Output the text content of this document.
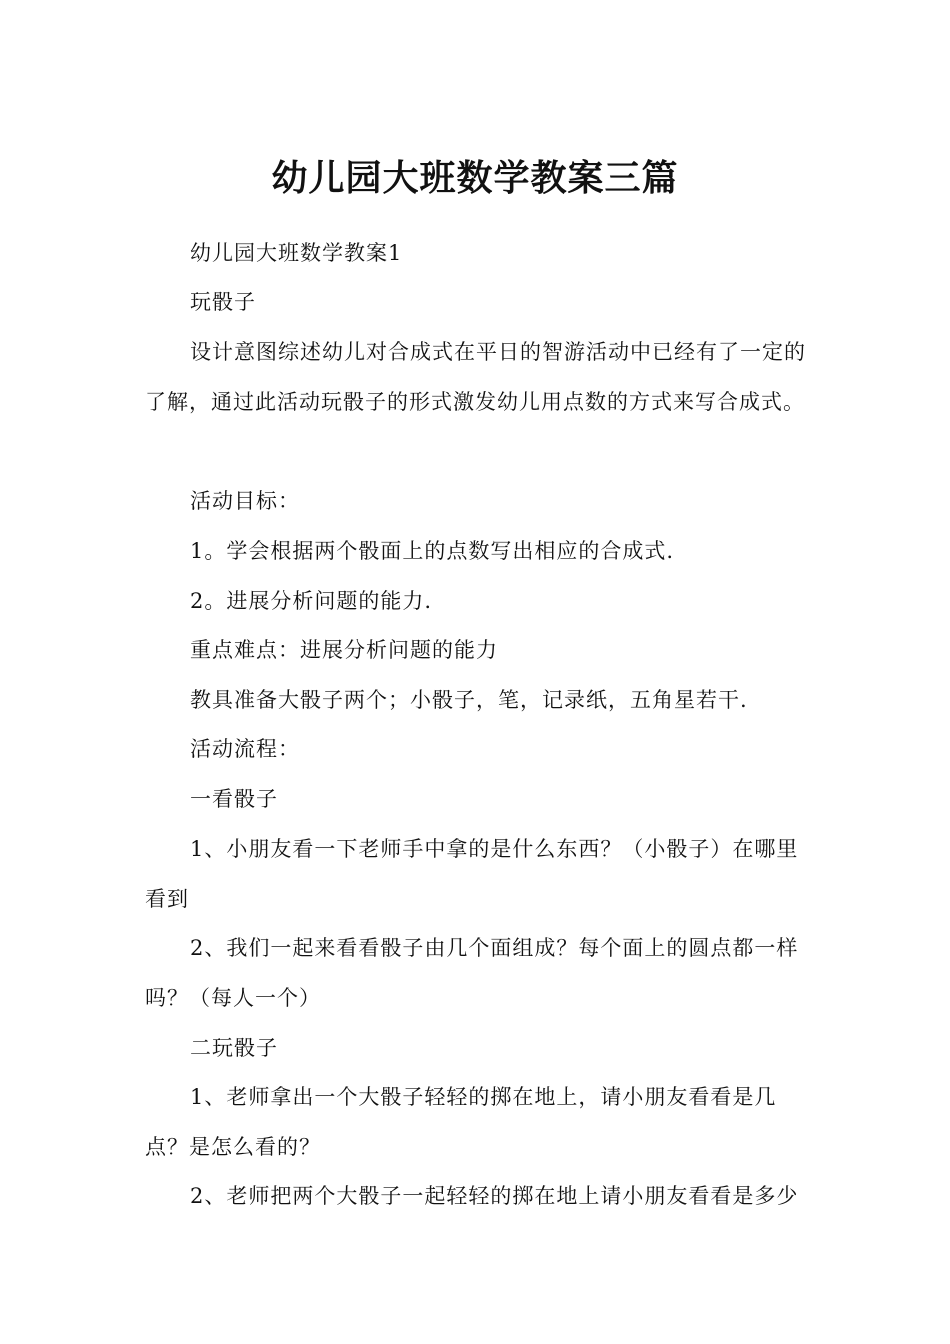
幼儿园大班数学教案三篇

幼儿园大班数学教案1

玩骰子

设计意图综述幼儿对合成式在平日的智游活动中已经有了一定的了解，通过此活动玩骰子的形式激发幼儿用点数的方式来写合成式。

活动目标：

1。学会根据两个骰面上的点数写出相应的合成式.

2。进展分析问题的能力.

重点难点：进展分析问题的能力

教具准备大骰子两个；小骰子，笔，记录纸，五角星若干.

活动流程：

一看骰子

1、小朋友看一下老师手中拿的是什么东西？（小骰子）在哪里看到

2、我们一起来看看骰子由几个面组成？每个面上的圆点都一样吗？（每人一个）

二玩骰子

1、老师拿出一个大骰子轻轻的掷在地上，请小朋友看看是几点？是怎么看的？

2、老师把两个大骰子一起轻轻的掷在地上请小朋友看看是多少
